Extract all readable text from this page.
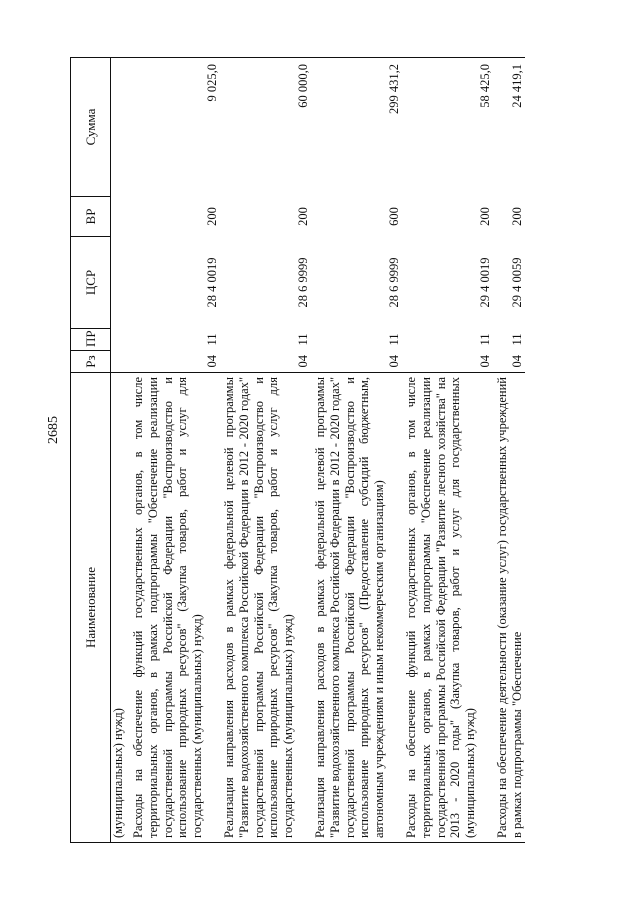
2685
Наименование	Рз	ПР	ЦСР	ВР	Сумма
(муниципальных) нужд)					
Расходы на обеспечение функций государственных органов, в том числе территориальных органов, в рамках подпрограммы "Обеспечение реализации государственной программы Российской Федерации "Воспроизводство и использование природных ресурсов" (Закупка товаров, работ и услуг для государственных (муниципальных) нужд)	04	11	28 4 0019	200	9 025,0
Реализация направления расходов в рамках федеральной целевой программы "Развитие водохозяйственного комплекса Российской Федерации в 2012 - 2020 годах" государственной программы Российской Федерации "Воспроизводство и использование природных ресурсов" (Закупка товаров, работ и услуг для государственных (муниципальных) нужд)	04	11	28 6 9999	200	60 000,0
Реализация направления расходов в рамках федеральной целевой программы "Развитие водохозяйственного комплекса Российской Федерации в 2012 - 2020 годах" государственной программы Российской Федерации "Воспроизводство и использование природных ресурсов" (Предоставление субсидий бюджетным, автономным учреждениям и иным некоммерческим организациям)	04	11	28 6 9999	600	299 431,2
Расходы на обеспечение функций государственных органов, в том числе территориальных органов, в рамках подпрограммы "Обеспечение реализации государственной программы Российской Федерации "Развитие лесного хозяйства" на 2013 - 2020 годы" (Закупка товаров, работ и услуг для государственных (муниципальных) нужд)	04	11	29 4 0019	200	58 425,0
Расходы на обеспечение деятельности (оказание услуг) государственных учреждений в рамках подпрограммы "Обеспечение	04	11	29 4 0059	200	24 419,1
